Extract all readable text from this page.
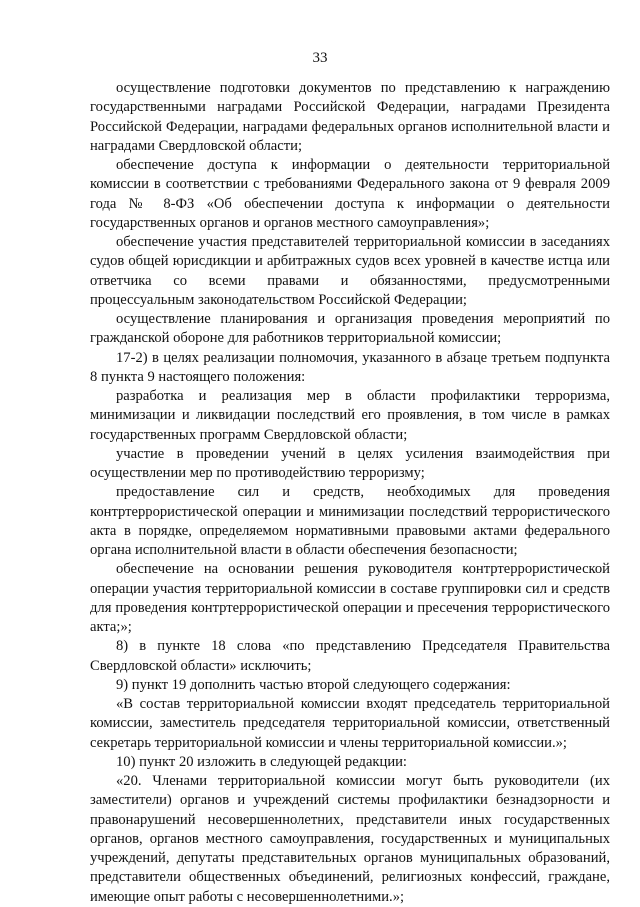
33

осуществление подготовки документов по представлению к награждению государственными наградами Российской Федерации, наградами Президента Российской Федерации, наградами федеральных органов исполнительной власти и наградами Свердловской области;

обеспечение доступа к информации о деятельности территориальной комиссии в соответствии с требованиями Федерального закона от 9 февраля 2009 года № 8-ФЗ «Об обеспечении доступа к информации о деятельности государственных органов и органов местного самоуправления»;

обеспечение участия представителей территориальной комиссии в заседаниях судов общей юрисдикции и арбитражных судов всех уровней в качестве истца или ответчика со всеми правами и обязанностями, предусмотренными процессуальным законодательством Российской Федерации;

осуществление планирования и организация проведения мероприятий по гражданской обороне для работников территориальной комиссии;

17-2) в целях реализации полномочия, указанного в абзаце третьем подпункта 8 пункта 9 настоящего положения:

разработка и реализация мер в области профилактики терроризма, минимизации и ликвидации последствий его проявления, в том числе в рамках государственных программ Свердловской области;

участие в проведении учений в целях усиления взаимодействия при осуществлении мер по противодействию терроризму;

предоставление сил и средств, необходимых для проведения контртеррористической операции и минимизации последствий террористического акта в порядке, определяемом нормативными правовыми актами федерального органа исполнительной власти в области обеспечения безопасности;

обеспечение на основании решения руководителя контртеррористической операции участия территориальной комиссии в составе группировки сил и средств для проведения контртеррористической операции и пресечения террористического акта;»;

8) в пункте 18 слова «по представлению Председателя Правительства Свердловской области» исключить;

9) пункт 19 дополнить частью второй следующего содержания:

«В состав территориальной комиссии входят председатель территориальной комиссии, заместитель председателя территориальной комиссии, ответственный секретарь территориальной комиссии и члены территориальной комиссии.»;

10) пункт 20 изложить в следующей редакции:

«20. Членами территориальной комиссии могут быть руководители (их заместители) органов и учреждений системы профилактики безнадзорности и правонарушений несовершеннолетних, представители иных государственных органов, органов местного самоуправления, государственных и муниципальных учреждений, депутаты представительных органов муниципальных образований, представители общественных объединений, религиозных конфессий, граждане, имеющие опыт работы с несовершеннолетними.»;
